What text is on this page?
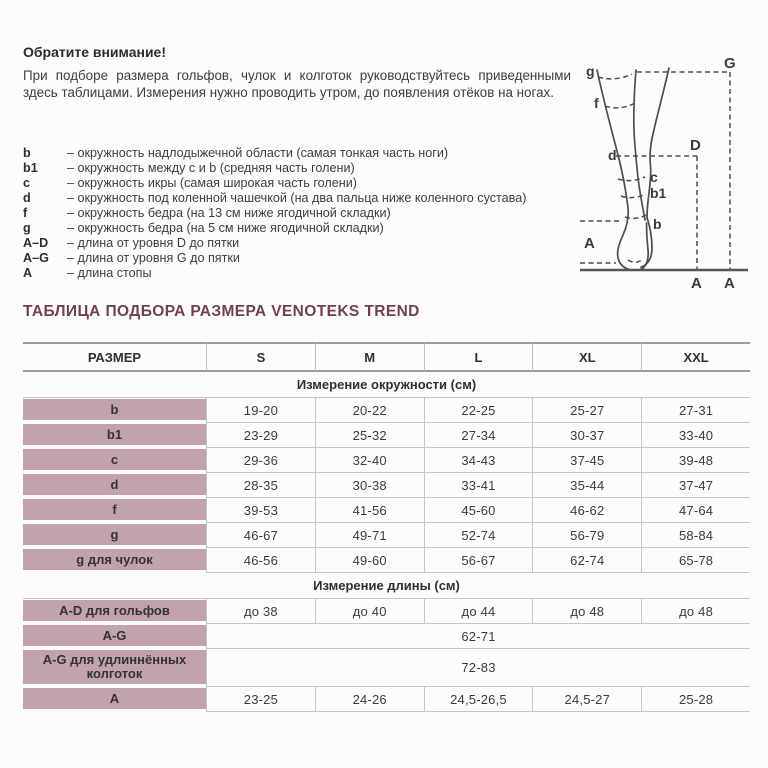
Обратите внимание!

При подборе размера гольфов, чулок и колготок руководствуйтесь приведенными здесь таблицами. Измерения нужно проводить утром, до появления отёков на ногах.

b	– окружность надлодыжечной области (самая тонкая часть ноги)
b1	– окружность между c и b (средняя часть голени)
c	– окружность икры (самая широкая часть голени)
d	– окружность под коленной чашечкой (на два пальца ниже коленного сустава)
f	– окружность бедра (на 13 см ниже ягодичной складки)
g	– окружность бедра (на 5 см ниже ягодичной складки)
A–D	– длина от уровня D до пятки
A–G	– длина от уровня G до пятки
A	– длина стопы
g
f
d
c
b1
b
A
D
G
A A
ТАБЛИЦА ПОДБОРА РАЗМЕРА VENOTEKS TREND
РАЗМЕР	S	M	L	XL	XXL
Измерение окружности (см)					

b	19-20	20-22	22-25	25-27	27-31

b1	23-29	25-32	27-34	30-37	33-40

c	29-36	32-40	34-43	37-45	39-48

d	28-35	30-38	33-41	35-44	37-47

f	39-53	41-56	45-60	46-62	47-64

g	46-67	49-71	52-74	56-79	58-84

g для чулок	46-56	49-60	56-67	62-74	65-78
Измерение длины (см)					

A-D для гольфов	до 38	до 40	до 44	до 48	до 48

A-G	62-71				

A-G для удлиннённых
колготок	72-83				

A	23-25	24-26	24,5-26,5	24,5-27	25-28
